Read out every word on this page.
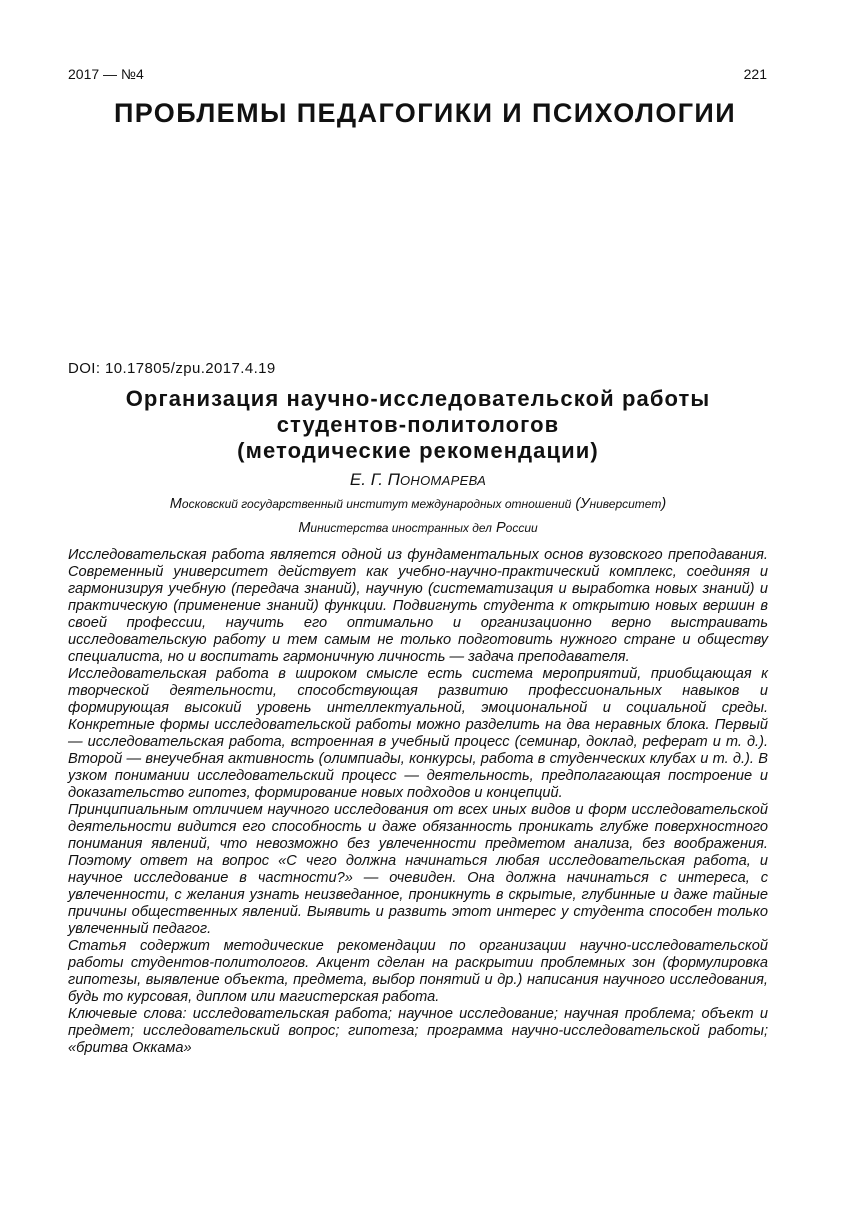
2017 — №4	221
ПРОБЛЕМЫ ПЕДАГОГИКИ И ПСИХОЛОГИИ
DOI: 10.17805/zpu.2017.4.19
Организация научно-исследовательской работы
студентов-политологов
(методические рекомендации)
Е. Г. ПОНОМАРЕВА
Московский государственный институт международных отношений (Университет)
Министерства иностранных дел России

Исследовательская работа является одной из фундаментальных основ вузовского преподавания. Современный университет действует как учебно-научно-практический комплекс, соединяя и гармонизируя учебную (передача знаний), научную (систематизация и выработка новых знаний) и практическую (применение знаний) функции. Подвигнуть студента к открытию новых вершин в своей профессии, научить его оптимально и организационно верно выстраивать исследовательскую работу и тем самым не только подготовить нужного стране и обществу специалиста, но и воспитать гармоничную личность — задача преподавателя.

Исследовательская работа в широком смысле есть система мероприятий, приобщающая к творческой деятельности, способствующая развитию профессиональных навыков и формирующая высокий уровень интеллектуальной, эмоциональной и социальной среды. Конкретные формы исследовательской работы можно разделить на два неравных блока. Первый — исследовательская работа, встроенная в учебный процесс (семинар, доклад, реферат и т. д.). Второй — внеучебная активность (олимпиады, конкурсы, работа в студенческих клубах и т. д.). В узком понимании исследовательский процесс — деятельность, предполагающая построение и доказательство гипотез, формирование новых подходов и концепций.

Принципиальным отличием научного исследования от всех иных видов и форм исследовательской деятельности видится его способность и даже обязанность проникать глубже поверхностного понимания явлений, что невозможно без увлеченности предметом анализа, без воображения. Поэтому ответ на вопрос «С чего должна начинаться любая исследовательская работа, и научное исследование в частности?» — очевиден. Она должна начинаться с интереса, с увлеченности, с желания узнать неизведанное, проникнуть в скрытые, глубинные и даже тайные причины общественных явлений. Выявить и развить этот интерес у студента способен только увлеченный педагог.

Статья содержит методические рекомендации по организации научно-исследовательской работы студентов-политологов. Акцент сделан на раскрытии проблемных зон (формулировка гипотезы, выявление объекта, предмета, выбор понятий и др.) написания научного исследования, будь то курсовая, диплом или магистерская работа.

Ключевые слова: исследовательская работа; научное исследование; научная проблема; объект и предмет; исследовательский вопрос; гипотеза; программа научно-исследовательской работы; «бритва Оккама»
